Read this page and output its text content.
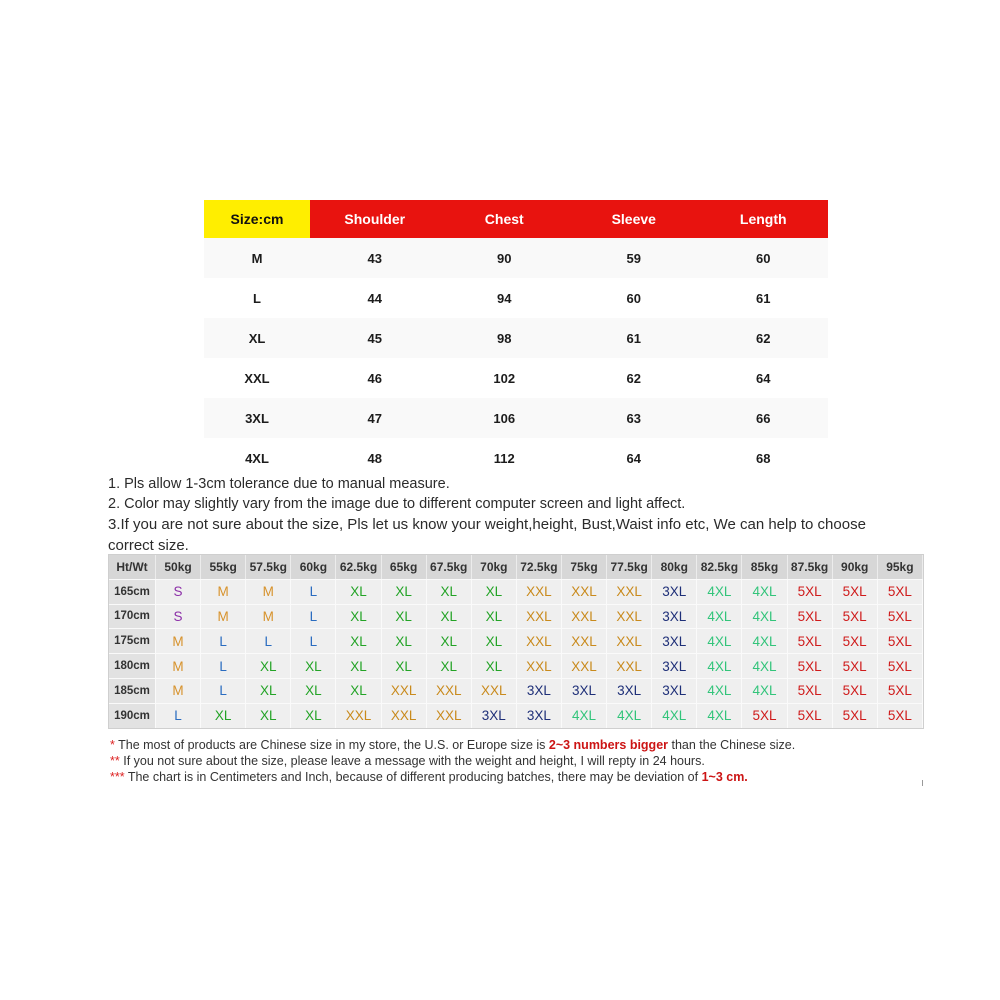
Size:cm	Shoulder	Chest	Sleeve	Length
M	43	90	59	60
L	44	94	60	61
XL	45	98	61	62
XXL	46	102	62	64
3XL	47	106	63	66
4XL	48	112	64	68

1. Pls allow 1-3cm tolerance due to manual measure.

2. Color may slightly vary from the image due to different computer screen and light affect.

3.If you are not sure about the size, Pls let us know your weight,height, Bust,Waist info etc, We can help to choose correct size.

Ht/Wt	50kg	55kg	57.5kg	60kg	62.5kg	65kg	67.5kg	70kg	72.5kg	75kg	77.5kg	80kg	82.5kg	85kg	87.5kg	90kg	95kg
165cm	S	M	M	L	XL	XL	XL	XL	XXL	XXL	XXL	3XL	4XL	4XL	5XL	5XL	5XL
170cm	S	M	M	L	XL	XL	XL	XL	XXL	XXL	XXL	3XL	4XL	4XL	5XL	5XL	5XL
175cm	M	L	L	L	XL	XL	XL	XL	XXL	XXL	XXL	3XL	4XL	4XL	5XL	5XL	5XL
180cm	M	L	XL	XL	XL	XL	XL	XL	XXL	XXL	XXL	3XL	4XL	4XL	5XL	5XL	5XL
185cm	M	L	XL	XL	XL	XXL	XXL	XXL	3XL	3XL	3XL	3XL	4XL	4XL	5XL	5XL	5XL
190cm	L	XL	XL	XL	XXL	XXL	XXL	3XL	3XL	4XL	4XL	4XL	4XL	5XL	5XL	5XL	5XL

* The most of products are Chinese size in my store, the U.S. or Europe size is 2~3 numbers bigger than the Chinese size.

** If you not sure about the size, please leave a message with the weight and height, I will repty in 24 hours.

*** The chart is in Centimeters and Inch, because of different producing batches, there may be deviation of 1~3 cm.
